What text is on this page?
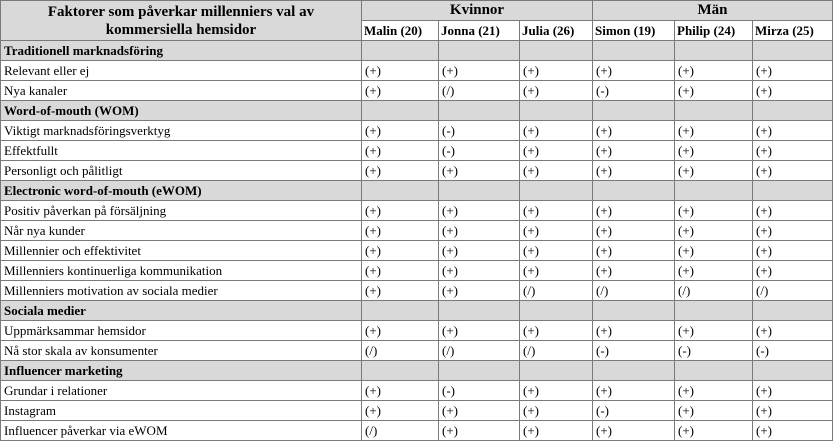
Faktorer som påverkar millenniers val av kommersiella hemsidor	Kvinnor			Män		
	Malin (20)	Jonna (21)	Julia (26)	Simon (19)	Philip (24)	Mirza (25)
Traditionell marknadsföring						
Relevant eller ej	(+)	(+)	(+)	(+)	(+)	(+)
Nya kanaler	(+)	(/)	(+)	(-)	(+)	(+)
Word-of-mouth (WOM)						
Viktigt marknadsföringsverktyg	(+)	(-)	(+)	(+)	(+)	(+)
Effektfullt	(+)	(-)	(+)	(+)	(+)	(+)
Personligt och pålitligt	(+)	(+)	(+)	(+)	(+)	(+)
Electronic word-of-mouth (eWOM)						
Positiv påverkan på försäljning	(+)	(+)	(+)	(+)	(+)	(+)
Når nya kunder	(+)	(+)	(+)	(+)	(+)	(+)
Millennier och effektivitet	(+)	(+)	(+)	(+)	(+)	(+)
Millenniers kontinuerliga kommunikation	(+)	(+)	(+)	(+)	(+)	(+)
Millenniers motivation av sociala medier	(+)	(+)	(/)	(/)	(/)	(/)
Sociala medier						
Uppmärksammar hemsidor	(+)	(+)	(+)	(+)	(+)	(+)
Nå stor skala av konsumenter	(/)	(/)	(/)	(-)	(-)	(-)
Influencer marketing						
Grundar i relationer	(+)	(-)	(+)	(+)	(+)	(+)
Instagram	(+)	(+)	(+)	(-)	(+)	(+)
Influencer påverkar via eWOM	(/)	(+)	(+)	(+)	(+)	(+)
